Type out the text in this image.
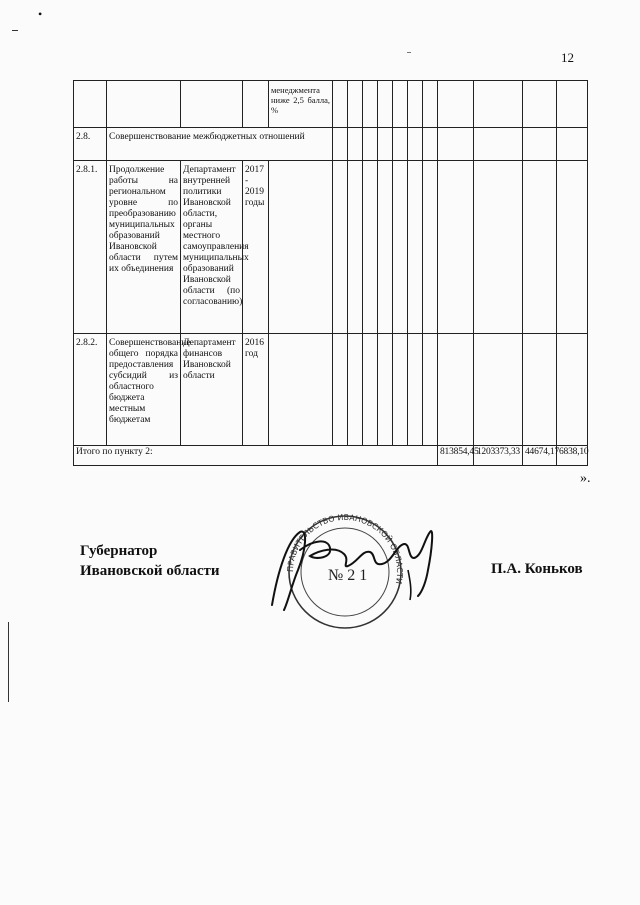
•
12
				менеджмента ниже 2,5 балла, %											
2.8.	Совершенствование межбюджетных отношений														
2.8.1.	Продолжение работы на региональном уровне по преобразованию муниципальных образований Ивановской области путем их объединения	Департамент внутренней политики Ивановской области, органы местного самоуправления муниципальных образований Ивановской области (по согласованию)	2017 - 2019 годы												
2.8.2.	Совершенствование общего порядка предоставления субсидий из областного бюджета местным бюджетам	Департамент финансов Ивановской области	2016 год												
Итого по пункту 2:												813854,45	1203373,33	44674,17	6838,10
».
Губернатор
Ивановской области	ПРАВИТЕЛЬСТВО ИВАНОВСКОЙ ОБЛАСТИ
№ 2 1	П.А. Коньков
